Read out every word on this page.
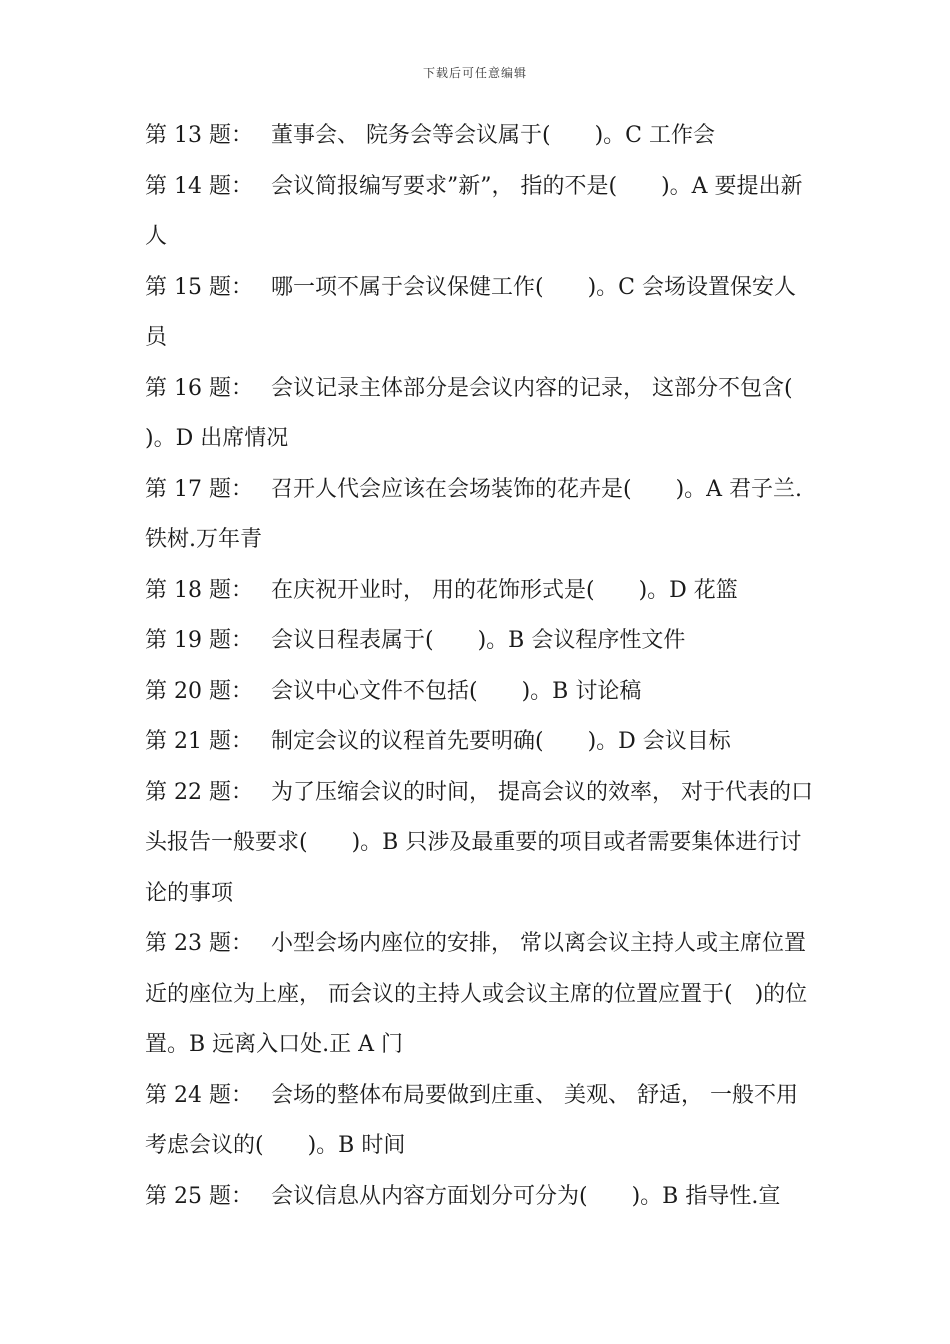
下载后可任意编辑

第 13 题： 董事会、 院务会等会议属于(　　)。C 工作会

第 14 题： 会议简报编写要求”新”， 指的不是(　　)。A 要提出新人

第 15 题： 哪一项不属于会议保健工作(　　)。C 会场设置保安人员

第 16 题： 会议记录主体部分是会议内容的记录， 这部分不包含(　　)。D 出席情况

第 17 题： 召开人代会应该在会场装饰的花卉是(　　)。A 君子兰.铁树.万年青

第 18 题： 在庆祝开业时， 用的花饰形式是(　　)。D 花篮

第 19 题： 会议日程表属于(　　)。B 会议程序性文件

第 20 题： 会议中心文件不包括(　　)。B 讨论稿

第 21 题： 制定会议的议程首先要明确(　　)。D 会议目标

第 22 题： 为了压缩会议的时间， 提高会议的效率， 对于代表的口头报告一般要求(　　)。B 只涉及最重要的项目或者需要集体进行讨论的事项

第 23 题： 小型会场内座位的安排， 常以离会议主持人或主席位置近的座位为上座， 而会议的主持人或会议主席的位置应置于(　)的位置。B 远离入口处.正 A 门

第 24 题： 会场的整体布局要做到庄重、 美观、 舒适， 一般不用考虑会议的(　　)。B 时间

第 25 题： 会议信息从内容方面划分可分为(　　)。B 指导性.宣
